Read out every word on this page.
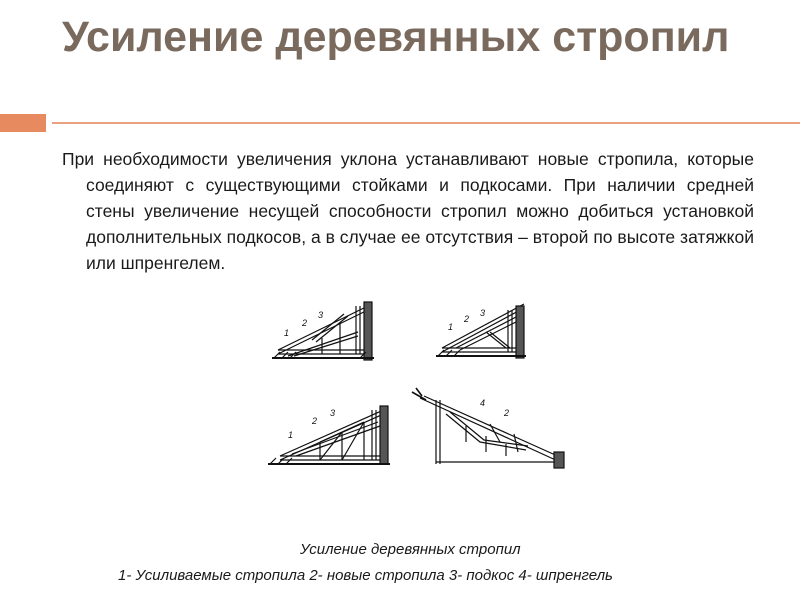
Усиление деревянных стропил

При необходимости увеличения уклона устанавливают новые стропила, которые соединяют с существующими стойками и подкосами. При наличии средней стены увеличение несущей способности стропил можно добиться установкой дополнительных подкосов, а в случае ее отсутствия – второй по высоте затяжкой или шпренгелем.

1
2
3
1
2
3
1
2
3
4
2

Усиление деревянных стропил

1- Усиливаемые стропила 2- новые стропила 3- подкос 4- шпренгель
